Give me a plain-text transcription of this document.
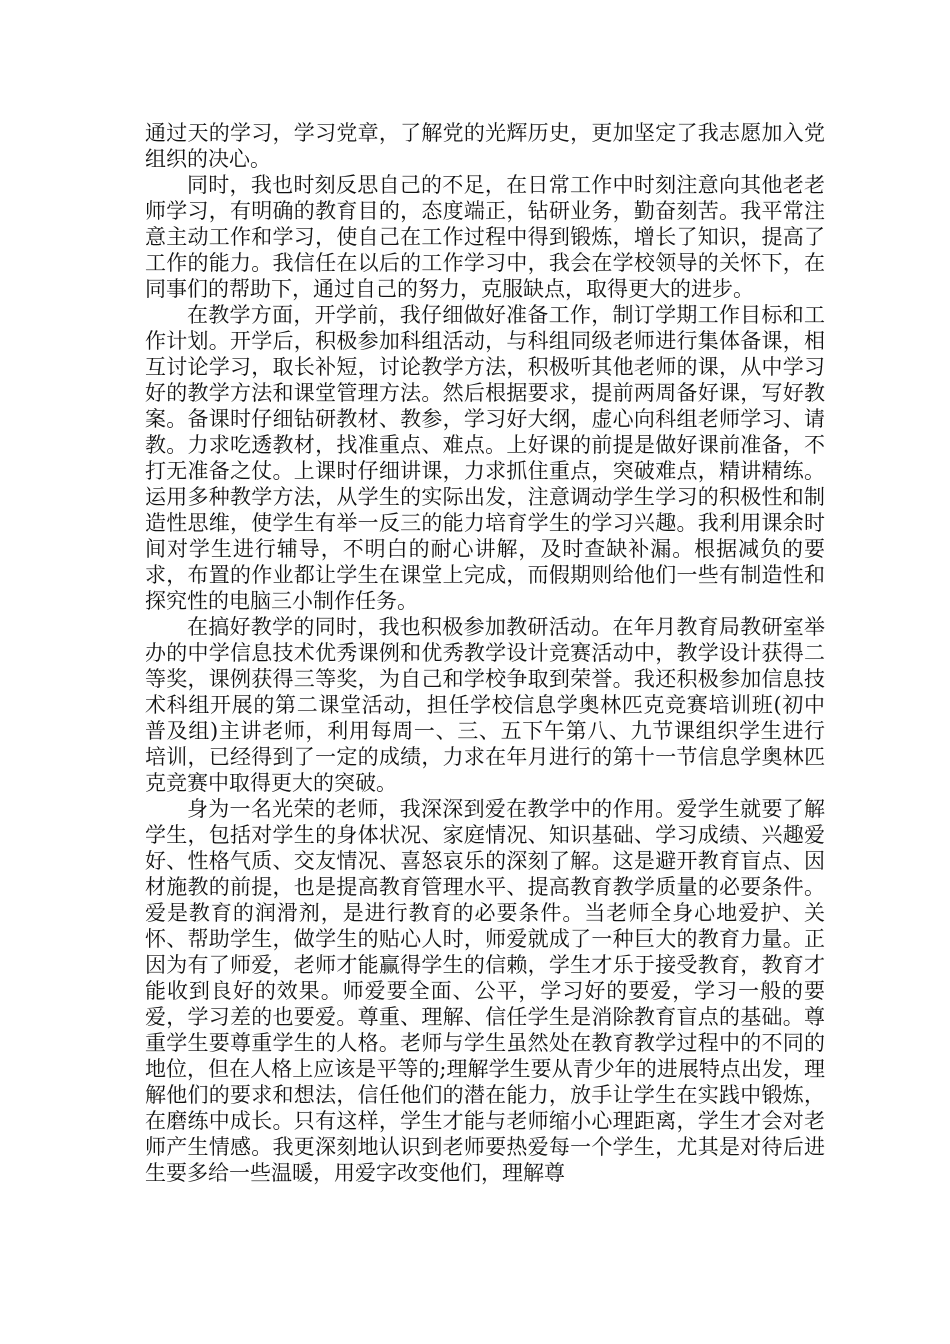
通过天的学习，学习党章，了解党的光辉历史，更加坚定了我志愿加入党组织的决心。

同时，我也时刻反思自己的不足，在日常工作中时刻注意向其他老老师学习，有明确的教育目的，态度端正，钻研业务，勤奋刻苦。我平常注意主动工作和学习，使自己在工作过程中得到锻炼，增长了知识，提高了工作的能力。我信任在以后的工作学习中，我会在学校领导的关怀下，在同事们的帮助下，通过自己的努力，克服缺点，取得更大的进步。

在教学方面，开学前，我仔细做好准备工作，制订学期工作目标和工作计划。开学后，积极参加科组活动，与科组同级老师进行集体备课，相互讨论学习，取长补短，讨论教学方法，积极听其他老师的课，从中学习好的教学方法和课堂管理方法。然后根据要求，提前两周备好课，写好教案。备课时仔细钻研教材、教参，学习好大纲，虚心向科组老师学习、请教。力求吃透教材，找准重点、难点。上好课的前提是做好课前准备，不打无准备之仗。上课时仔细讲课，力求抓住重点，突破难点，精讲精练。运用多种教学方法，从学生的实际出发，注意调动学生学习的积极性和制造性思维，使学生有举一反三的能力培育学生的学习兴趣。我利用课余时间对学生进行辅导，不明白的耐心讲解，及时查缺补漏。根据减负的要求，布置的作业都让学生在课堂上完成，而假期则给他们一些有制造性和探究性的电脑三小制作任务。

在搞好教学的同时，我也积极参加教研活动。在年月教育局教研室举办的中学信息技术优秀课例和优秀教学设计竞赛活动中，教学设计获得二等奖，课例获得三等奖，为自己和学校争取到荣誉。我还积极参加信息技术科组开展的第二课堂活动，担任学校信息学奥林匹克竞赛培训班(初中普及组)主讲老师，利用每周一、三、五下午第八、九节课组织学生进行培训，已经得到了一定的成绩，力求在年月进行的第十一节信息学奥林匹克竞赛中取得更大的突破。

身为一名光荣的老师，我深深到爱在教学中的作用。爱学生就要了解学生，包括对学生的身体状况、家庭情况、知识基础、学习成绩、兴趣爱好、性格气质、交友情况、喜怒哀乐的深刻了解。这是避开教育盲点、因材施教的前提，也是提高教育管理水平、提高教育教学质量的必要条件。爱是教育的润滑剂，是进行教育的必要条件。当老师全身心地爱护、关怀、帮助学生，做学生的贴心人时，师爱就成了一种巨大的教育力量。正因为有了师爱，老师才能赢得学生的信赖，学生才乐于接受教育，教育才能收到良好的效果。师爱要全面、公平，学习好的要爱，学习一般的要爱，学习差的也要爱。尊重、理解、信任学生是消除教育盲点的基础。尊重学生要尊重学生的人格。老师与学生虽然处在教育教学过程中的不同的地位，但在人格上应该是平等的;理解学生要从青少年的进展特点出发，理解他们的要求和想法，信任他们的潜在能力，放手让学生在实践中锻炼，在磨练中成长。只有这样，学生才能与老师缩小心理距离，学生才会对老师产生情感。我更深刻地认识到老师要热爱每一个学生，尤其是对待后进生要多给一些温暖，用爱字改变他们，理解尊
